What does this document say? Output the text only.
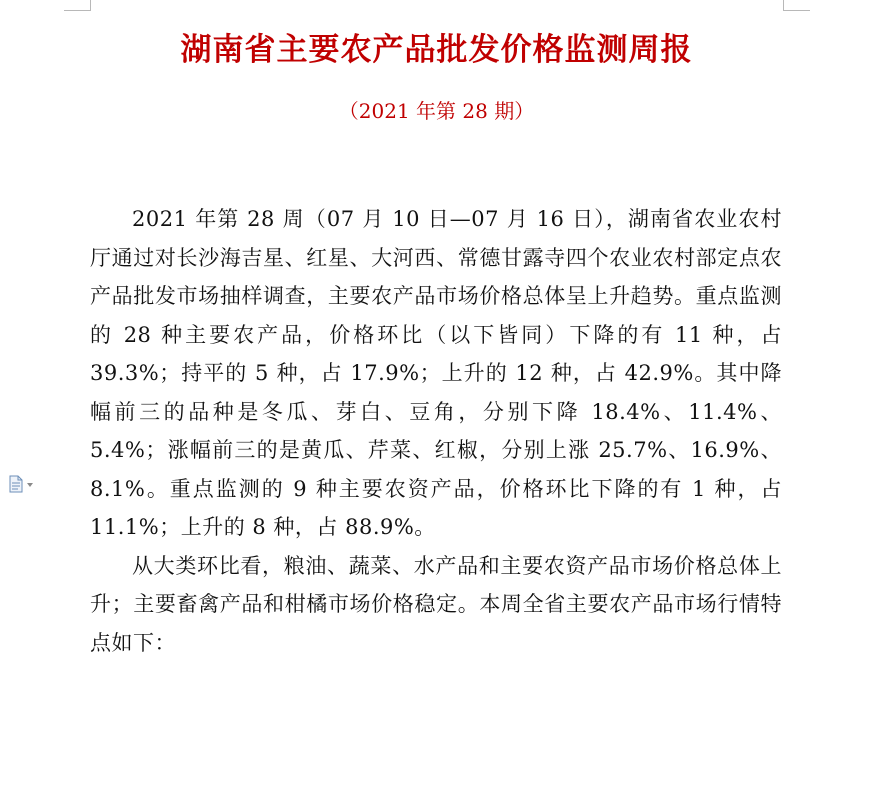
湖南省主要农产品批发价格监测周报
（2021 年第 28 期）

2021 年第 28 周（07 月 10 日—07 月 16 日），湖南省农业农村厅通过对长沙海吉星、红星、大河西、常德甘露寺四个农业农村部定点农产品批发市场抽样调查，主要农产品市场价格总体呈上升趋势。重点监测的 28 种主要农产品，价格环比（以下皆同）下降的有 11 种，占 39.3%；持平的 5 种，占 17.9%；上升的 12 种，占 42.9%。其中降幅前三的品种是冬瓜、芽白、豆角，分别下降 18.4%、11.4%、5.4%；涨幅前三的是黄瓜、芹菜、红椒，分别上涨 25.7%、16.9%、8.1%。重点监测的 9 种主要农资产品，价格环比下降的有 1 种，占 11.1%；上升的 8 种，占 88.9%。

从大类环比看，粮油、蔬菜、水产品和主要农资产品市场价格总体上升；主要畜禽产品和柑橘市场价格稳定。本周全省主要农产品市场行情特点如下：
